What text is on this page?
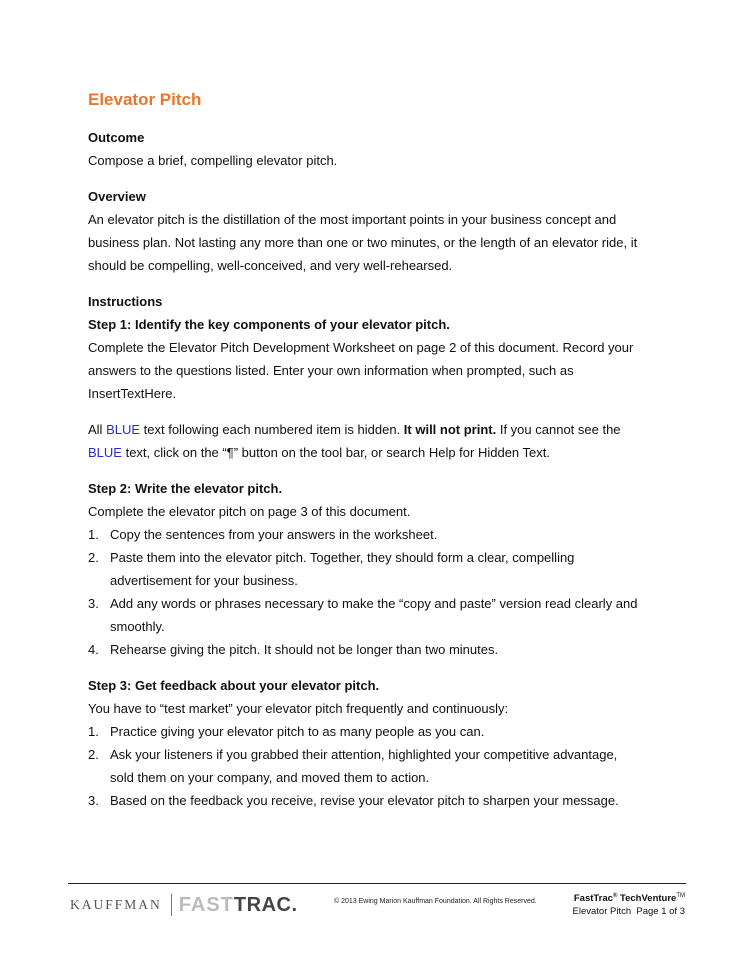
Elevator Pitch

Outcome

Compose a brief, compelling elevator pitch.

Overview

An elevator pitch is the distillation of the most important points in your business concept and

business plan. Not lasting any more than one or two minutes, or the length of an elevator ride, it

should be compelling, well-conceived, and very well-rehearsed.

Instructions

Step 1: Identify the key components of your elevator pitch.

Complete the Elevator Pitch Development Worksheet on page 2 of this document. Record your

answers to the questions listed. Enter your own information when prompted, such as

InsertTextHere.

All BLUE text following each numbered item is hidden. It will not print. If you cannot see the

BLUE text, click on the “¶” button on the tool bar, or search Help for Hidden Text.

Step 2: Write the elevator pitch.

Complete the elevator pitch on page 3 of this document.

1. Copy the sentences from your answers in the worksheet.
2. Paste them into the elevator pitch. Together, they should form a clear, compelling
advertisement for your business.
3. Add any words or phrases necessary to make the “copy and paste” version read clearly and
smoothly.
4. Rehearse giving the pitch. It should not be longer than two minutes.

Step 3: Get feedback about your elevator pitch.

You have to “test market” your elevator pitch frequently and continuously:

1. Practice giving your elevator pitch to as many people as you can.
2. Ask your listeners if you grabbed their attention, highlighted your competitive advantage,
sold them on your company, and moved them to action.
3. Based on the feedback you receive, revise your elevator pitch to sharpen your message.
KAUFFMAN FAST TRAC .	© 2013 Ewing Marion Kauffman Foundation. All Rights Reserved.	FastTrac® TechVenture™
Elevator Pitch  Page 1 of 3
